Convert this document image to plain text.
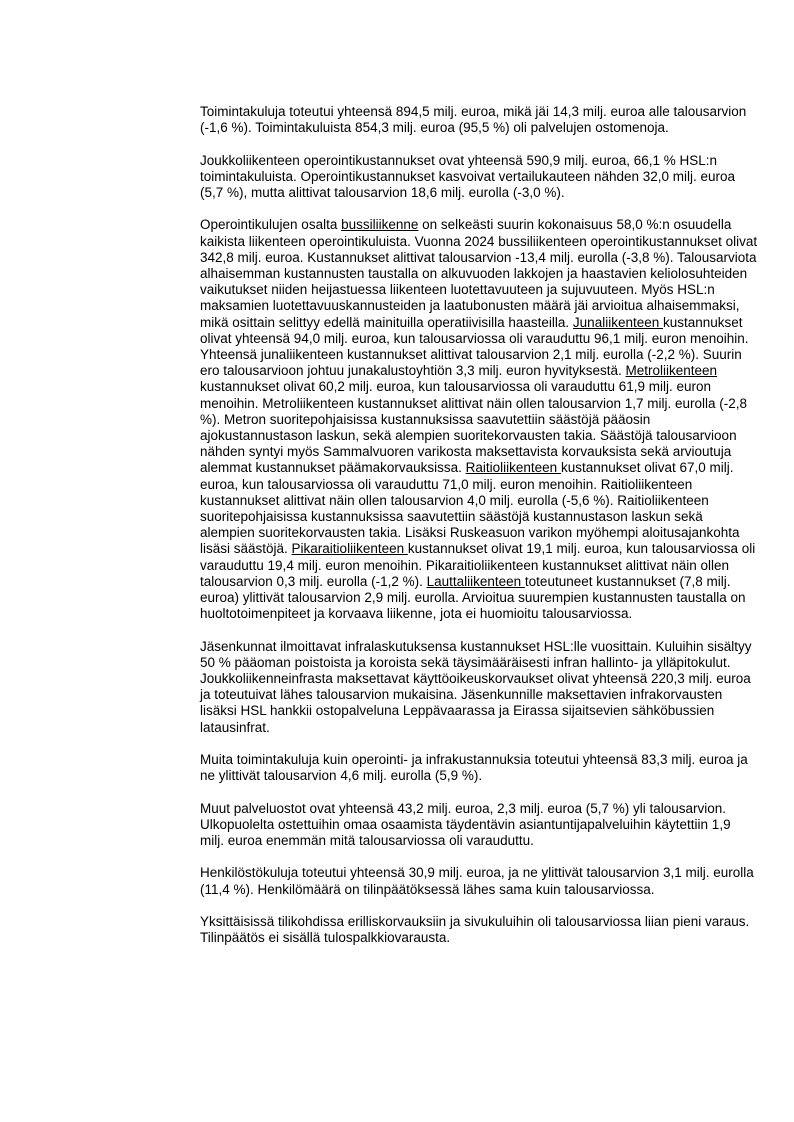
Toimintakuluja toteutui yhteensä 894,5 milj. euroa, mikä jäi 14,3 milj. euroa alle talousarvion (-1,6 %). Toimintakuluista 854,3 milj. euroa (95,5 %) oli palvelujen ostomenoja.

Joukkoliikenteen operointikustannukset ovat yhteensä 590,9 milj. euroa, 66,1 % HSL:n toimintakuluista. Operointikustannukset kasvoivat vertailukauteen nähden 32,0 milj. euroa (5,7 %), mutta alittivat talousarvion 18,6 milj. eurolla (-3,0 %).

Operointikulujen osalta bussiliikenne on selkeästi suurin kokonaisuus 58,0 %:n osuudella kaikista liikenteen operointikuluista. Vuonna 2024 bussiliikenteen operointikustannukset olivat 342,8 milj. euroa. Kustannukset alittivat talousarvion -13,4 milj. eurolla (-3,8 %). Talousarviota alhaisemman kustannusten taustalla on alkuvuoden lakkojen ja haastavien keliolosuhteiden vaikutukset niiden heijastuessa liikenteen luotettavuuteen ja sujuvuuteen. Myös HSL:n maksamien luotettavuuskannusteiden ja laatubonusten määrä jäi arvioitua alhaisemmaksi, mikä osittain selittyy edellä mainituilla operatiivisilla haasteilla. Junaliikenteen kustannukset olivat yhteensä 94,0 milj. euroa, kun talousarviossa oli varauduttu 96,1 milj. euron menoihin. Yhteensä junaliikenteen kustannukset alittivat talousarvion 2,1 milj. eurolla (-2,2 %). Suurin ero talousarvioon johtuu junakalustoyhtiön 3,3 milj. euron hyvityksestä. Metroliikenteen kustannukset olivat 60,2 milj. euroa, kun talousarviossa oli varauduttu 61,9 milj. euron menoihin. Metroliikenteen kustannukset alittivat näin ollen talousarvion 1,7 milj. eurolla (-2,8 %). Metron suoritepohjaisissa kustannuksissa saavutettiin säästöjä pääosin ajokustannustason laskun, sekä alempien suoritekorvausten takia. Säästöjä talousarvioon nähden syntyi myös Sammalvuoren varikosta maksettavista korvauksista sekä arvioutuja alemmat kustannukset päämakorvauksissa. Raitioliikenteen kustannukset olivat 67,0 milj. euroa, kun talousarviossa oli varauduttu 71,0 milj. euron menoihin. Raitioliikenteen kustannukset alittivat näin ollen talousarvion 4,0 milj. eurolla (-5,6 %). Raitioliikenteen suoritepohjaisissa kustannuksissa saavutettiin säästöjä kustannustason laskun sekä alempien suoritekorvausten takia. Lisäksi Ruskeasuon varikon myöhempi aloitusajankohta lisäsi säästöjä. Pikaraitioliikenteen kustannukset olivat 19,1 milj. euroa, kun talousarviossa oli varauduttu 19,4 milj. euron menoihin. Pikaraitioliikenteen kustannukset alittivat näin ollen talousarvion 0,3 milj. eurolla (-1,2 %). Lauttaliikenteen toteutuneet kustannukset (7,8 milj. euroa) ylittivät talousarvion 2,9 milj. eurolla. Arvioitua suurempien kustannusten taustalla on huoltotoimenpiteet ja korvaava liikenne, jota ei huomioitu talousarviossa.

Jäsenkunnat ilmoittavat infralaskutuksensa kustannukset HSL:lle vuosittain. Kuluihin sisältyy 50 % pääoman poistoista ja koroista sekä täysimääräisesti infran hallinto- ja ylläpitokulut. Joukkoliikenneinfrasta maksettavat käyttöoikeuskorvaukset olivat yhteensä 220,3 milj. euroa ja toteutuivat lähes talousarvion mukaisina. Jäsenkunnille maksettavien infrakorvausten lisäksi HSL hankkii ostopalveluna Leppävaarassa ja Eirassa sijaitsevien sähköbussien latausinfrat.

Muita toimintakuluja kuin operointi- ja infrakustannuksia toteutui yhteensä 83,3 milj. euroa ja ne ylittivät talousarvion 4,6 milj. eurolla (5,9 %).

Muut palveluostot ovat yhteensä 43,2 milj. euroa, 2,3 milj. euroa (5,7 %) yli talousarvion. Ulkopuolelta ostettuihin omaa osaamista täydentävin asiantuntijapalveluihin käytettiin 1,9 milj. euroa enemmän mitä talousarviossa oli varauduttu.

Henkilöstökuluja toteutui yhteensä 30,9 milj. euroa, ja ne ylittivät talousarvion 3,1 milj. eurolla (11,4 %). Henkilömäärä on tilinpäätöksessä lähes sama kuin talousarviossa.

Yksittäisissä tilikohdissa erilliskorvauksiin ja sivukuluihin oli talousarviossa liian pieni varaus. Tilinpäätös ei sisällä tulospalkkiovarausta.
